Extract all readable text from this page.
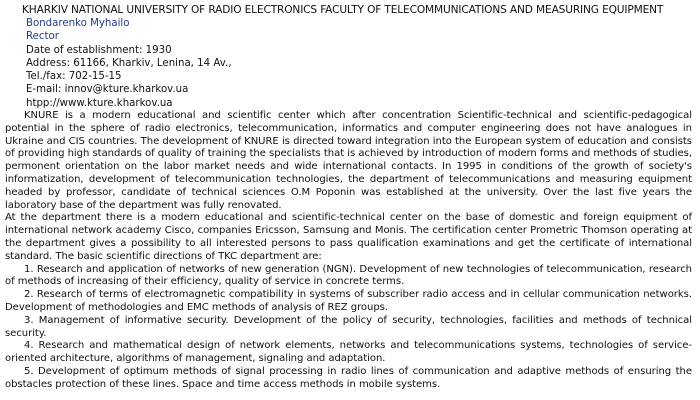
KHARKIV NATIONAL UNIVERSITY OF RADIO ELECTRONICS FACULTY OF TELECOMMUNICATIONS AND MEASURING EQUIPMENT
Bondarenko Myhailo
Rector
Date of establishment: 1930
Address: 61166, Kharkiv, Lenina, 14 Av.,
Tel./fax: 702-15-15
E-mail: innov@kture.kharkov.ua
htpp://www.kture.kharkov.ua

KNURE is a modern educational and scientific center which after concentration Scientific-technical and scientific-pedagogical potential in the sphere of radio electronics, telecommunication, informatics and computer engineering does not have analogues in Ukraine and CIS countries. The development of KNURE is directed toward integration into the European system of education and consists of providing high standards of quality of training the specialists that is achieved by introduction of modern forms and methods of studies, permonent orientation on the labor market needs and wide international contacts. In 1995 in conditions of the growth of society's informatization, development of telecommunication technologies, the department of telecommunications and measuring equipment headed by professor, candidate of technical sciences O.M Poponin was established at the university. Over the last five years the laboratory base of the department was fully renovated.

At the department there is a modern educational and scientific-technical center on the base of domestic and foreign equipment of international network academy Cisco, companies Ericsson, Samsung and Monis. The certification center Prometric Thomson operating at the department gives a possibility to all interested persons to pass qualification examinations and get the certificate of international standard. The basic scientific directions of TKC department are:

1. Research and application of networks of new generation (NGN). Development of new technologies of telecommunication, research of methods of increasing of their efficiency, quality of service in concrete terms.

2. Research of terms of electromagnetic compatibility in systems of subscriber radio access and in cellular communication networks. Development of methodologies and EMC methods of analysis of REZ groups.

3. Management of informative security. Development of the policy of security, technologies, facilities and methods of technical security.

4. Research and mathematical design of network elements, networks and telecommunications systems, technologies of service-oriented architecture, algorithms of management, signaling and adaptation.

5. Development of optimum methods of signal processing in radio lines of communication and adaptive methods of ensuring the obstacles protection of these lines. Space and time access methods in mobile systems.
